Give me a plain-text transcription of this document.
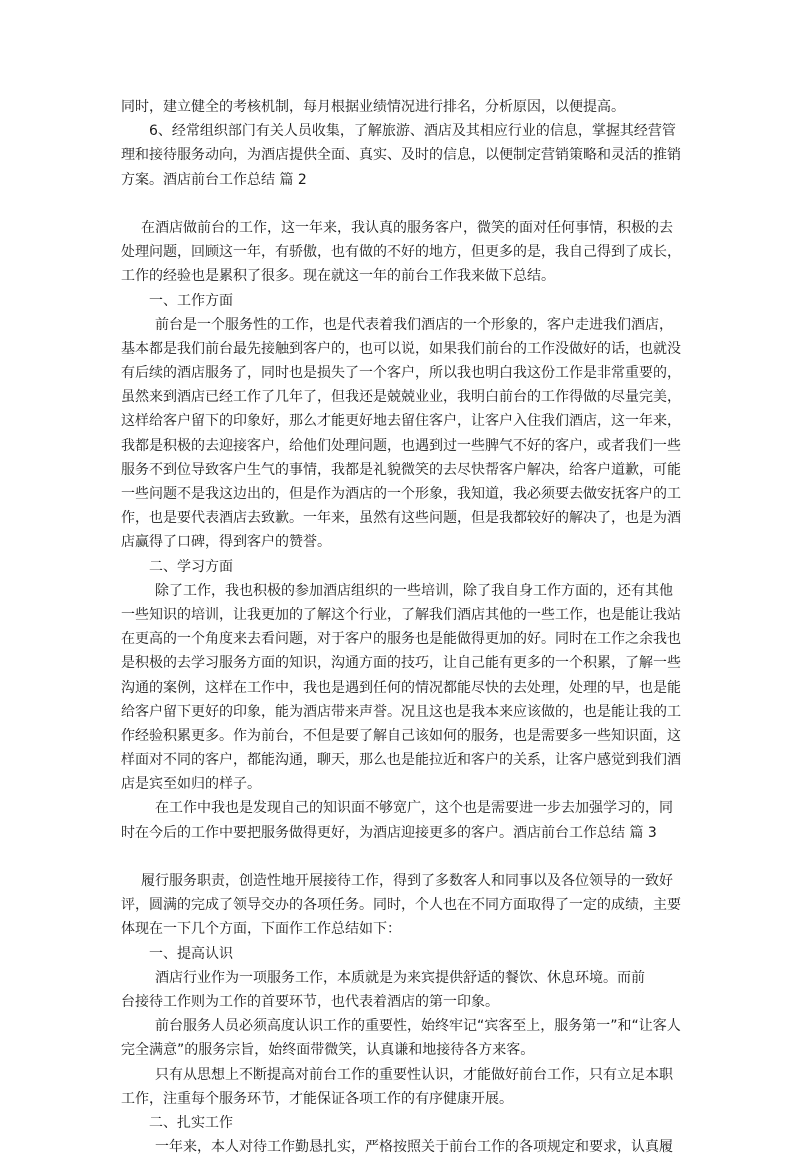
同时，建立健全的考核机制，每月根据业绩情况进行排名，分析原因，以便提高。
6、经常组织部门有关人员收集，了解旅游、酒店及其相应行业的信息，掌握其经营管
理和接待服务动向，为酒店提供全面、真实、及时的信息，以便制定营销策略和灵活的推销
方案。酒店前台工作总结 篇 2
在酒店做前台的工作，这一年来，我认真的服务客户，微笑的面对任何事情，积极的去
处理问题，回顾这一年，有骄傲，也有做的不好的地方，但更多的是，我自己得到了成长，
工作的经验也是累积了很多。现在就这一年的前台工作我来做下总结。
一、工作方面
前台是一个服务性的工作，也是代表着我们酒店的一个形象的，客户走进我们酒店，
基本都是我们前台最先接触到客户的，也可以说，如果我们前台的工作没做好的话，也就没
有后续的酒店服务了，同时也是损失了一个客户，所以我也明白我这份工作是非常重要的，
虽然来到酒店已经工作了几年了，但我还是兢兢业业，我明白前台的工作得做的尽量完美，
这样给客户留下的印象好，那么才能更好地去留住客户，让客户入住我们酒店，这一年来，
我都是积极的去迎接客户，给他们处理问题，也遇到过一些脾气不好的客户，或者我们一些
服务不到位导致客户生气的事情，我都是礼貌微笑的去尽快帮客户解决，给客户道歉，可能
一些问题不是我这边出的，但是作为酒店的一个形象，我知道，我必须要去做安抚客户的工
作，也是要代表酒店去致歉。一年来，虽然有这些问题，但是我都较好的解决了，也是为酒
店赢得了口碑，得到客户的赞誉。
二、学习方面
除了工作，我也积极的参加酒店组织的一些培训，除了我自身工作方面的，还有其他
一些知识的培训，让我更加的了解这个行业，了解我们酒店其他的一些工作，也是能让我站
在更高的一个角度来去看问题，对于客户的服务也是能做得更加的好。同时在工作之余我也
是积极的去学习服务方面的知识，沟通方面的技巧，让自己能有更多的一个积累，了解一些
沟通的案例，这样在工作中，我也是遇到任何的情况都能尽快的去处理，处理的早，也是能
给客户留下更好的印象，能为酒店带来声誉。况且这也是我本来应该做的，也是能让我的工
作经验积累更多。作为前台，不但是要了解自己该如何的服务，也是需要多一些知识面，这
样面对不同的客户，都能沟通，聊天，那么也是能拉近和客户的关系，让客户感觉到我们酒
店是宾至如归的样子。
在工作中我也是发现自己的知识面不够宽广，这个也是需要进一步去加强学习的，同
时在今后的工作中要把服务做得更好，为酒店迎接更多的客户。酒店前台工作总结 篇 3
履行服务职责，创造性地开展接待工作，得到了多数客人和同事以及各位领导的一致好
评，圆满的完成了领导交办的各项任务。同时，个人也在不同方面取得了一定的成绩，主要
体现在一下几个方面，下面作工作总结如下：
一、提高认识
酒店行业作为一项服务工作，本质就是为来宾提供舒适的餐饮、休息环境。而前
台接待工作则为工作的首要环节，也代表着酒店的第一印象。
前台服务人员必须高度认识工作的重要性，始终牢记“宾客至上，服务第一”和“让客人
完全满意”的服务宗旨，始终面带微笑，认真谦和地接待各方来客。
只有从思想上不断提高对前台工作的重要性认识，才能做好前台工作，只有立足本职
工作，注重每个服务环节，才能保证各项工作的有序健康开展。
二、扎实工作
一年来，本人对待工作勤恳扎实，严格按照关于前台工作的各项规定和要求，认真履
